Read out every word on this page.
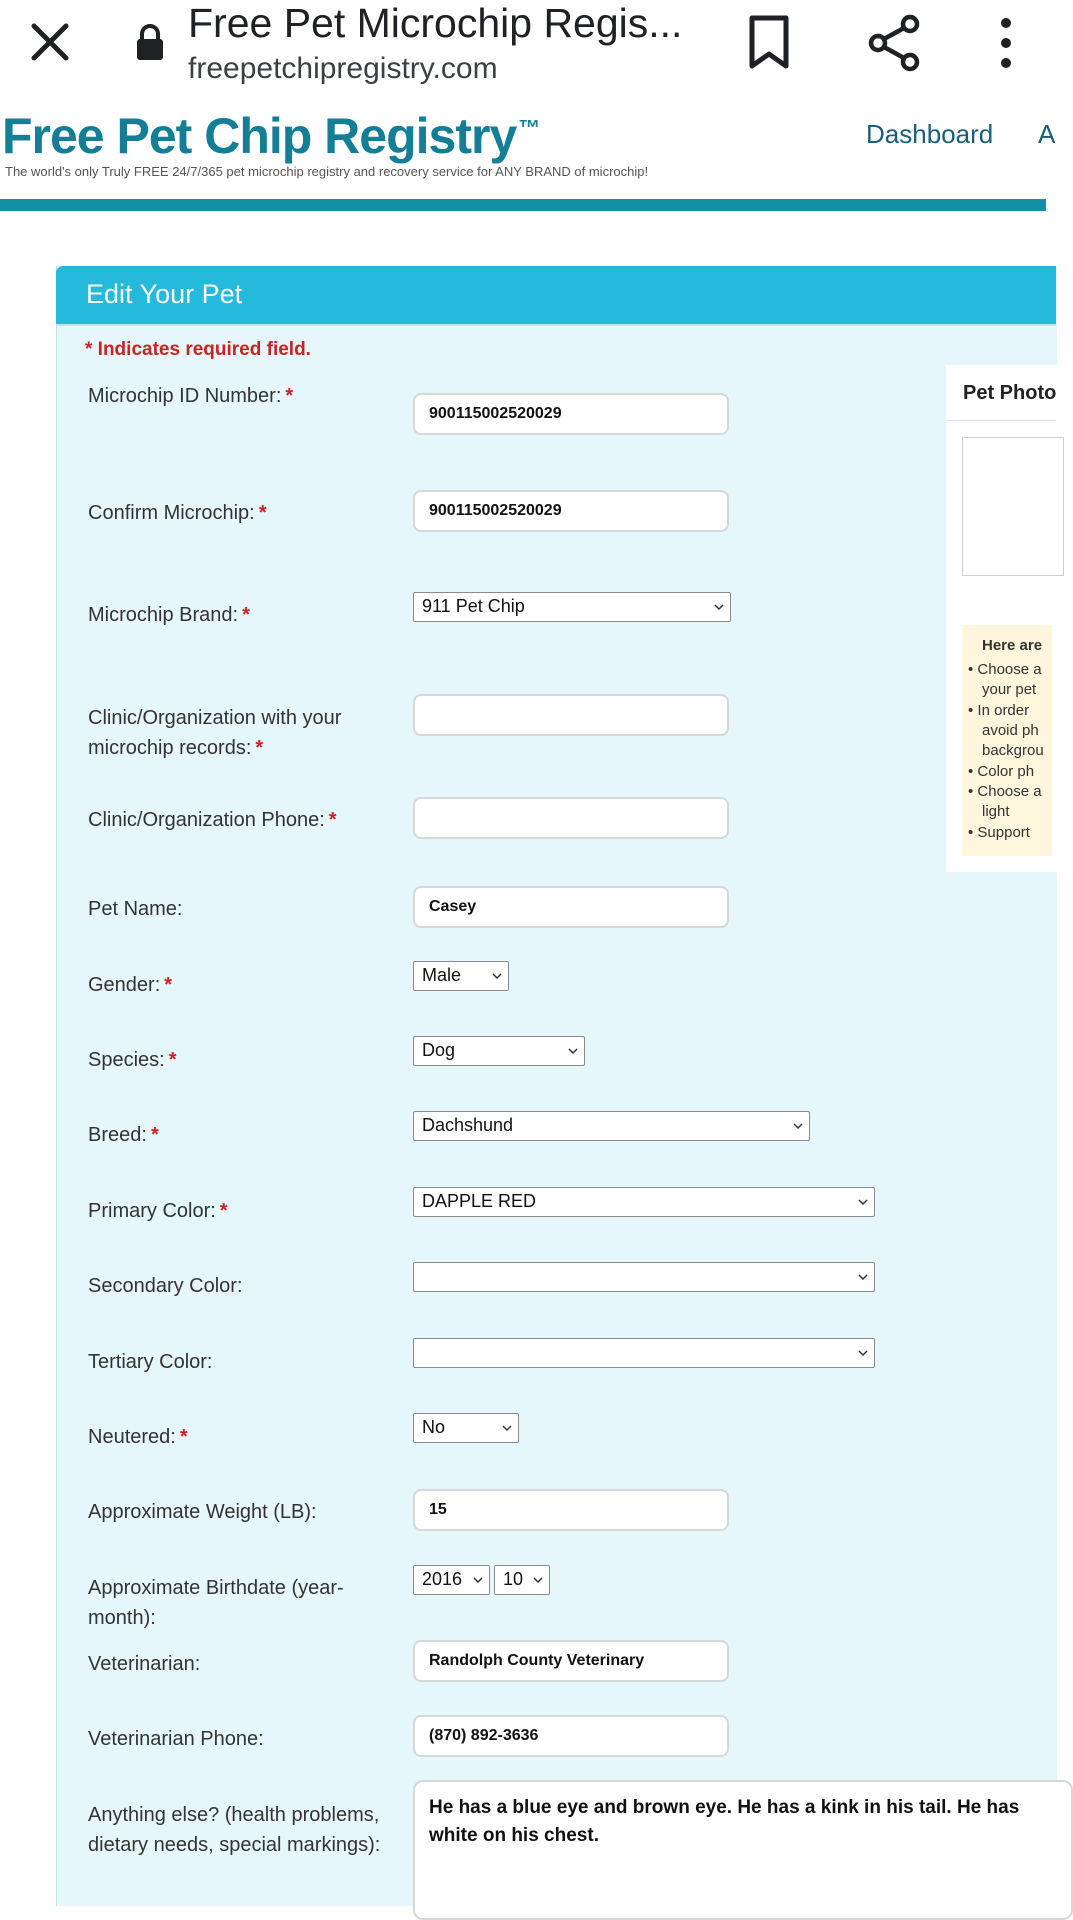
Free Pet Microchip Regis...
freepetchipregistry.com
Free Pet Chip Registry™
The world's only Truly FREE 24/7/365 pet microchip registry and recovery service for ANY BRAND of microchip!
Dashboard A
Edit Your Pet
* Indicates required field.
Microchip ID Number: *
900115002520029
Confirm Microchip: *	900115002520029
Microchip Brand: *	911 Pet Chip
Clinic/Organization with your microchip records: *
Clinic/Organization Phone: *
Pet Name:	Casey
Gender: *	Male
Species: *	Dog
Breed: *	Dachshund
Primary Color: *	DAPPLE RED
Secondary Color:
Tertiary Color:
Neutered: *	No
Approximate Weight (LB):	15
Approximate Birthdate (year-month):
2016	10
Veterinarian:	Randolph County Veterinary
Veterinarian Phone:	(870) 892-3636
Anything else? (health problems, dietary needs, special markings):
He has a blue eye and brown eye. He has a kink in his tail. He has white on his chest.
Pet Photo
Here are
• Choose a
your pet
• In order
avoid ph
backgrou
• Color ph
• Choose a
light
• Support
